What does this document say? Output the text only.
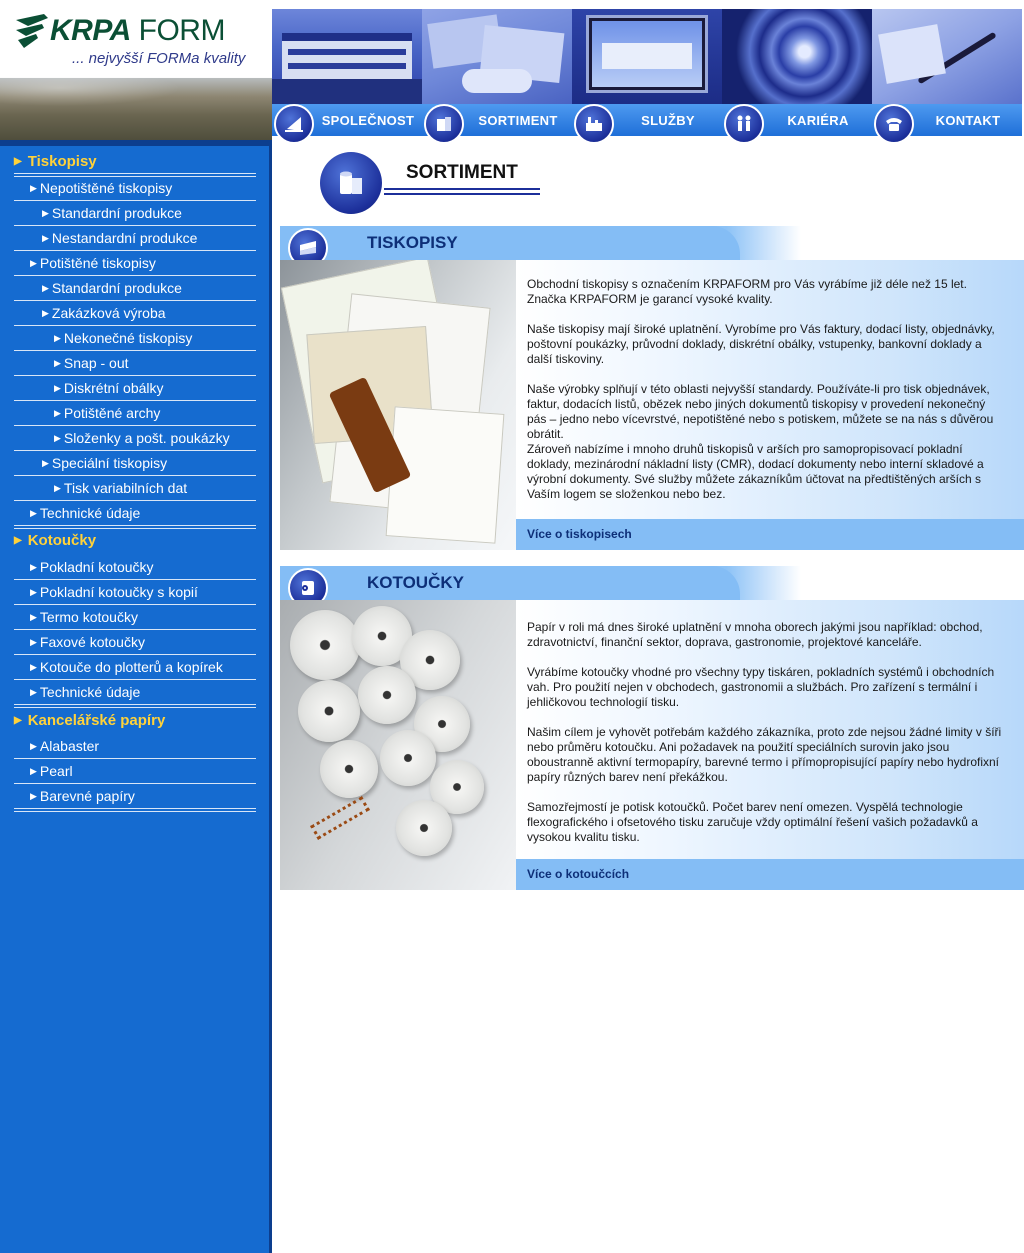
KRPA FORM
... nejvyšší FORMa kvality
SPOLEČNOST	SORTIMENT	SLUŽBY	KARIÉRA	KONTAKT
▶ Tiskopisy
▶ Nepotištěné tiskopisy
▶ Standardní produkce
▶ Nestandardní produkce
▶ Potištěné tiskopisy
▶ Standardní produkce
▶ Zakázková výroba
▶ Nekonečné tiskopisy
▶ Snap - out
▶ Diskrétní obálky
▶ Potištěné archy
▶ Složenky a pošt. poukázky
▶ Speciální tiskopisy
▶ Tisk variabilních dat
▶ Technické údaje
▶ Kotoučky
▶ Pokladní kotoučky
▶ Pokladní kotoučky s kopií
▶ Termo kotoučky
▶ Faxové kotoučky
▶ Kotouče do plotterů a kopírek
▶ Technické údaje
▶ Kancelářské papíry
▶ Alabaster
▶ Pearl
▶ Barevné papíry
SORTIMENT
TISKOPISY

Obchodní tiskopisy s označením KRPAFORM pro Vás vyrábíme již déle než 15 let. Značka KRPAFORM je garancí vysoké kvality.

Naše tiskopisy mají široké uplatnění. Vyrobíme pro Vás faktury, dodací listy, objednávky, poštovní poukázky, průvodní doklady, diskrétní obálky, vstupenky, bankovní doklady a další tiskoviny.

Naše výrobky splňují v této oblasti nejvyšší standardy. Používáte-li pro tisk objednávek, faktur, dodacích listů, obězek nebo jiných dokumentů tiskopisy v provedení nekonečný pás – jedno nebo vícevrstvé, nepotištěné nebo s potiskem, můžete se na nás s důvěrou obrátit.

Zároveň nabízíme i mnoho druhů tiskopisů v arších pro samopropisovací pokladní doklady, mezinárodní nákladní listy (CMR), dodací dokumenty nebo interní skladové a výrobní dokumenty. Své služby můžete zákazníkům účtovat na předtištěných arších s Vaším logem se složenkou nebo bez.

Více o tiskopisech
KOTOUČKY

Papír v roli má dnes široké uplatnění v mnoha oborech jakými jsou například: obchod, zdravotnictví, finanční sektor, doprava, gastronomie, projektové kanceláře.

Vyrábíme kotoučky vhodné pro všechny typy tiskáren, pokladních systémů i obchodních vah. Pro použití nejen v obchodech, gastronomii a službách. Pro zařízení s termální i jehličkovou technologií tisku.

Našim cílem je vyhovět potřebám každého zákazníka, proto zde nejsou žádné limity v šíři nebo průměru kotoučku. Ani požadavek na použití speciálních surovin jako jsou oboustranně aktivní termopapíry, barevné termo i přímopropisující papíry nebo hydrofixní papíry různých barev není překážkou.

Samozřejmostí je potisk kotoučků. Počet barev není omezen. Vyspělá technologie flexografického i ofsetového tisku zaručuje vždy optimální řešení vašich požadavků a vysokou kvalitu tisku.

Více o kotoučcích
